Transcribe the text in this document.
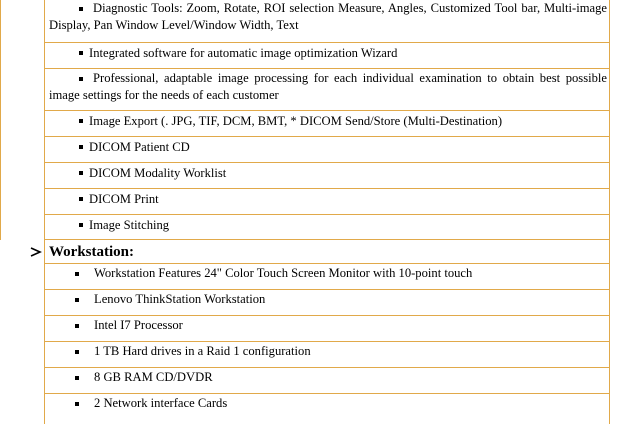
Diagnostic Tools: Zoom, Rotate, ROI selection Measure, Angles, Customized Tool bar, Multi-image Display, Pan Window Level/Window Width, Text
Integrated software for automatic image optimization Wizard
Professional, adaptable image processing for each individual examination to obtain best possible image settings for the needs of each customer
Image Export (. JPG, TIF, DCM, BMT, * DICOM Send/Store (Multi-Destination)
DICOM Patient CD
DICOM Modality Worklist
DICOM Print
Image Stitching
Workstation Features 24" Color Touch Screen Monitor with 10-point touch
Lenovo ThinkStation Workstation
Intel I7 Processor
1 TB Hard drives in a Raid 1 configuration
8 GB RAM CD/DVDR
2 Network interface Cards
Workstation:
